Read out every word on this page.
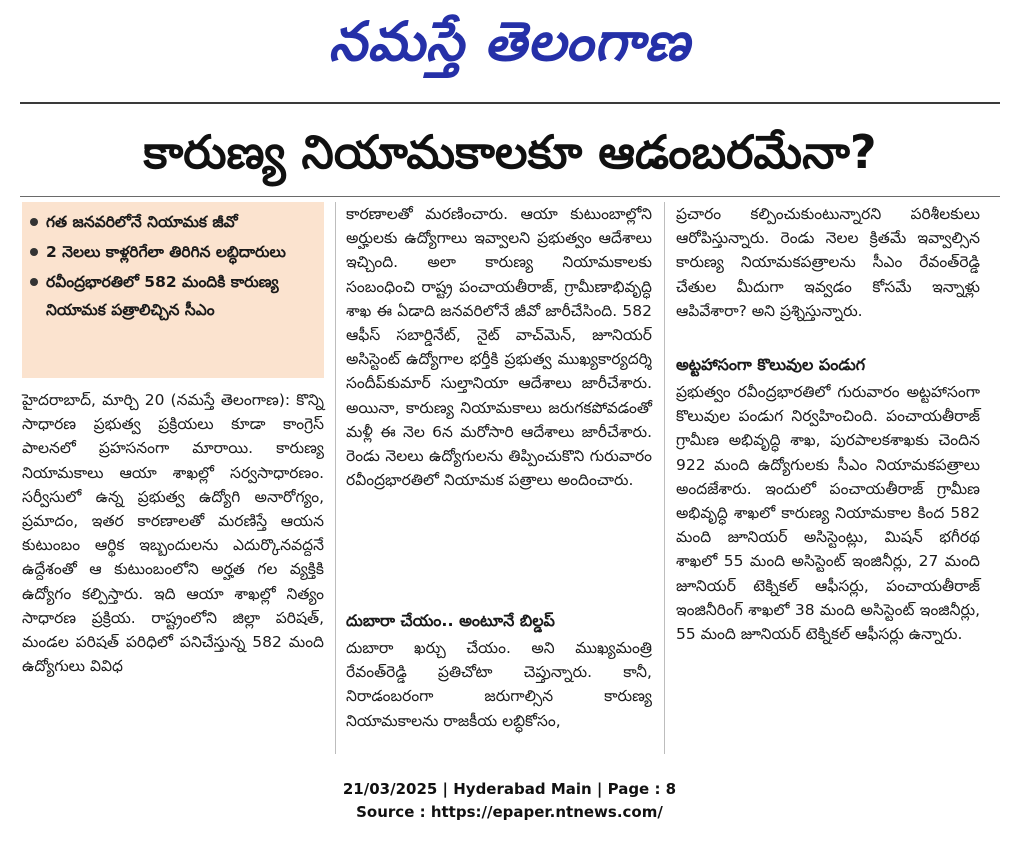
నమస్తే తెలంగాణ
కారుణ్య నియామకాలకూ ఆడంబరమేనా?
గత జనవరిలోనే నియామక జీవో
2 నెలలు కాళ్లరిగేలా తిరిగిన లబ్ధిదారులు
రవీంద్రభారతిలో 582 మందికి కారుణ్య నియామక పత్రాలిచ్చిన సీఎం

హైదరాబాద్, మార్చి 20 (నమస్తే తెలంగాణ): కొన్ని సాధారణ ప్రభుత్వ ప్రక్రియలు కూడా కాంగ్రెస్ పాలనలో ప్రహసనంగా మారాయి. కారుణ్య నియామకాలు ఆయా శాఖల్లో సర్వసాధారణం. సర్వీసులో ఉన్న ప్రభుత్వ ఉద్యోగి అనారోగ్యం, ప్రమాదం, ఇతర కారణాలతో మరణిస్తే ఆయన కుటుంబం ఆర్థిక ఇబ్బందులను ఎదుర్కొనవద్దనే ఉద్దేశంతో ఆ కుటుంబంలోని అర్హత గల వ్యక్తికి ఉద్యోగం కల్పిస్తారు. ఇది ఆయా శాఖల్లో నిత్యం సాధారణ ప్రక్రియ. రాష్ట్రంలోని జిల్లా పరిషత్, మండల పరిషత్ పరిధిలో పనిచేస్తున్న 582 మంది ఉద్యోగులు వివిధ

కారణాలతో మరణించారు. ఆయా కుటుంబాల్లోని అర్హులకు ఉద్యోగాలు ఇవ్వాలని ప్రభుత్వం ఆదేశాలు ఇచ్చింది. అలా కారుణ్య నియామకాలకు సంబంధించి రాష్ట్ర పంచాయతీరాజ్, గ్రామీణాభివృద్ధి శాఖ ఈ ఏడాది జనవరిలోనే జీవో జారీచేసింది. 582 ఆఫీస్ సబార్డినేట్, నైట్ వాచ్‌మెన్, జూనియర్ అసిస్టెంట్ ఉద్యోగాల భర్తీకి ప్రభుత్వ ముఖ్యకార్యదర్శి సందీప్‌కుమార్ సుల్తానియా ఆదేశాలు జారీచేశారు. అయినా, కారుణ్య నియామకాలు జరుగకపోవడంతో మళ్లీ ఈ నెల 6న మరోసారి ఆదేశాలు జారీచేశారు. రెండు నెలలు ఉద్యోగులను తిప్పించుకొని గురువారం రవీంద్రభారతిలో నియామక పత్రాలు అందించారు.

దుబారా చేయం.. అంటూనే బిల్డప్

దుబారా ఖర్చు చేయం. అని ముఖ్యమంత్రి రేవంత్‌రెడ్డి ప్రతిచోటా చెప్తున్నారు. కానీ, నిరాడంబరంగా జరుగాల్సిన కారుణ్య నియామకాలను రాజకీయ లబ్ధికోసం,

ప్రచారం కల్పించుకుంటున్నారని పరిశీలకులు ఆరోపిస్తున్నారు. రెండు నెలల క్రితమే ఇవ్వాల్సిన కారుణ్య నియామకపత్రాలను సీఎం రేవంత్‌రెడ్డి చేతుల మీదుగా ఇవ్వడం కోసమే ఇన్నాళ్లు ఆపివేశారా? అని ప్రశ్నిస్తున్నారు.

అట్టహాసంగా కొలువుల పండుగ

ప్రభుత్వం రవీంద్రభారతిలో గురువారం అట్టహాసంగా కొలువుల పండుగ నిర్వహించింది. పంచాయతీరాజ్ గ్రామీణ అభివృద్ధి శాఖ, పురపాలకశాఖకు చెందిన 922 మంది ఉద్యోగులకు సీఎం నియామకపత్రాలు అందజేశారు. ఇందులో పంచాయతీరాజ్ గ్రామీణ అభివృద్ధి శాఖలో కారుణ్య నియామకాల కింద 582 మంది జూనియర్ అసిస్టెంట్లు, మిషన్ భగీరథ శాఖలో 55 మంది అసిస్టెంట్ ఇంజినీర్లు, 27 మంది జూనియర్ టెక్నికల్ ఆఫీసర్లు, పంచాయతీరాజ్ ఇంజినీరింగ్ శాఖలో 38 మంది అసిస్టెంట్ ఇంజినీర్లు, 55 మంది జూనియర్ టెక్నికల్ ఆఫీసర్లు ఉన్నారు.

21/03/2025 | Hyderabad Main | Page : 8
Source : https://epaper.ntnews.com/
